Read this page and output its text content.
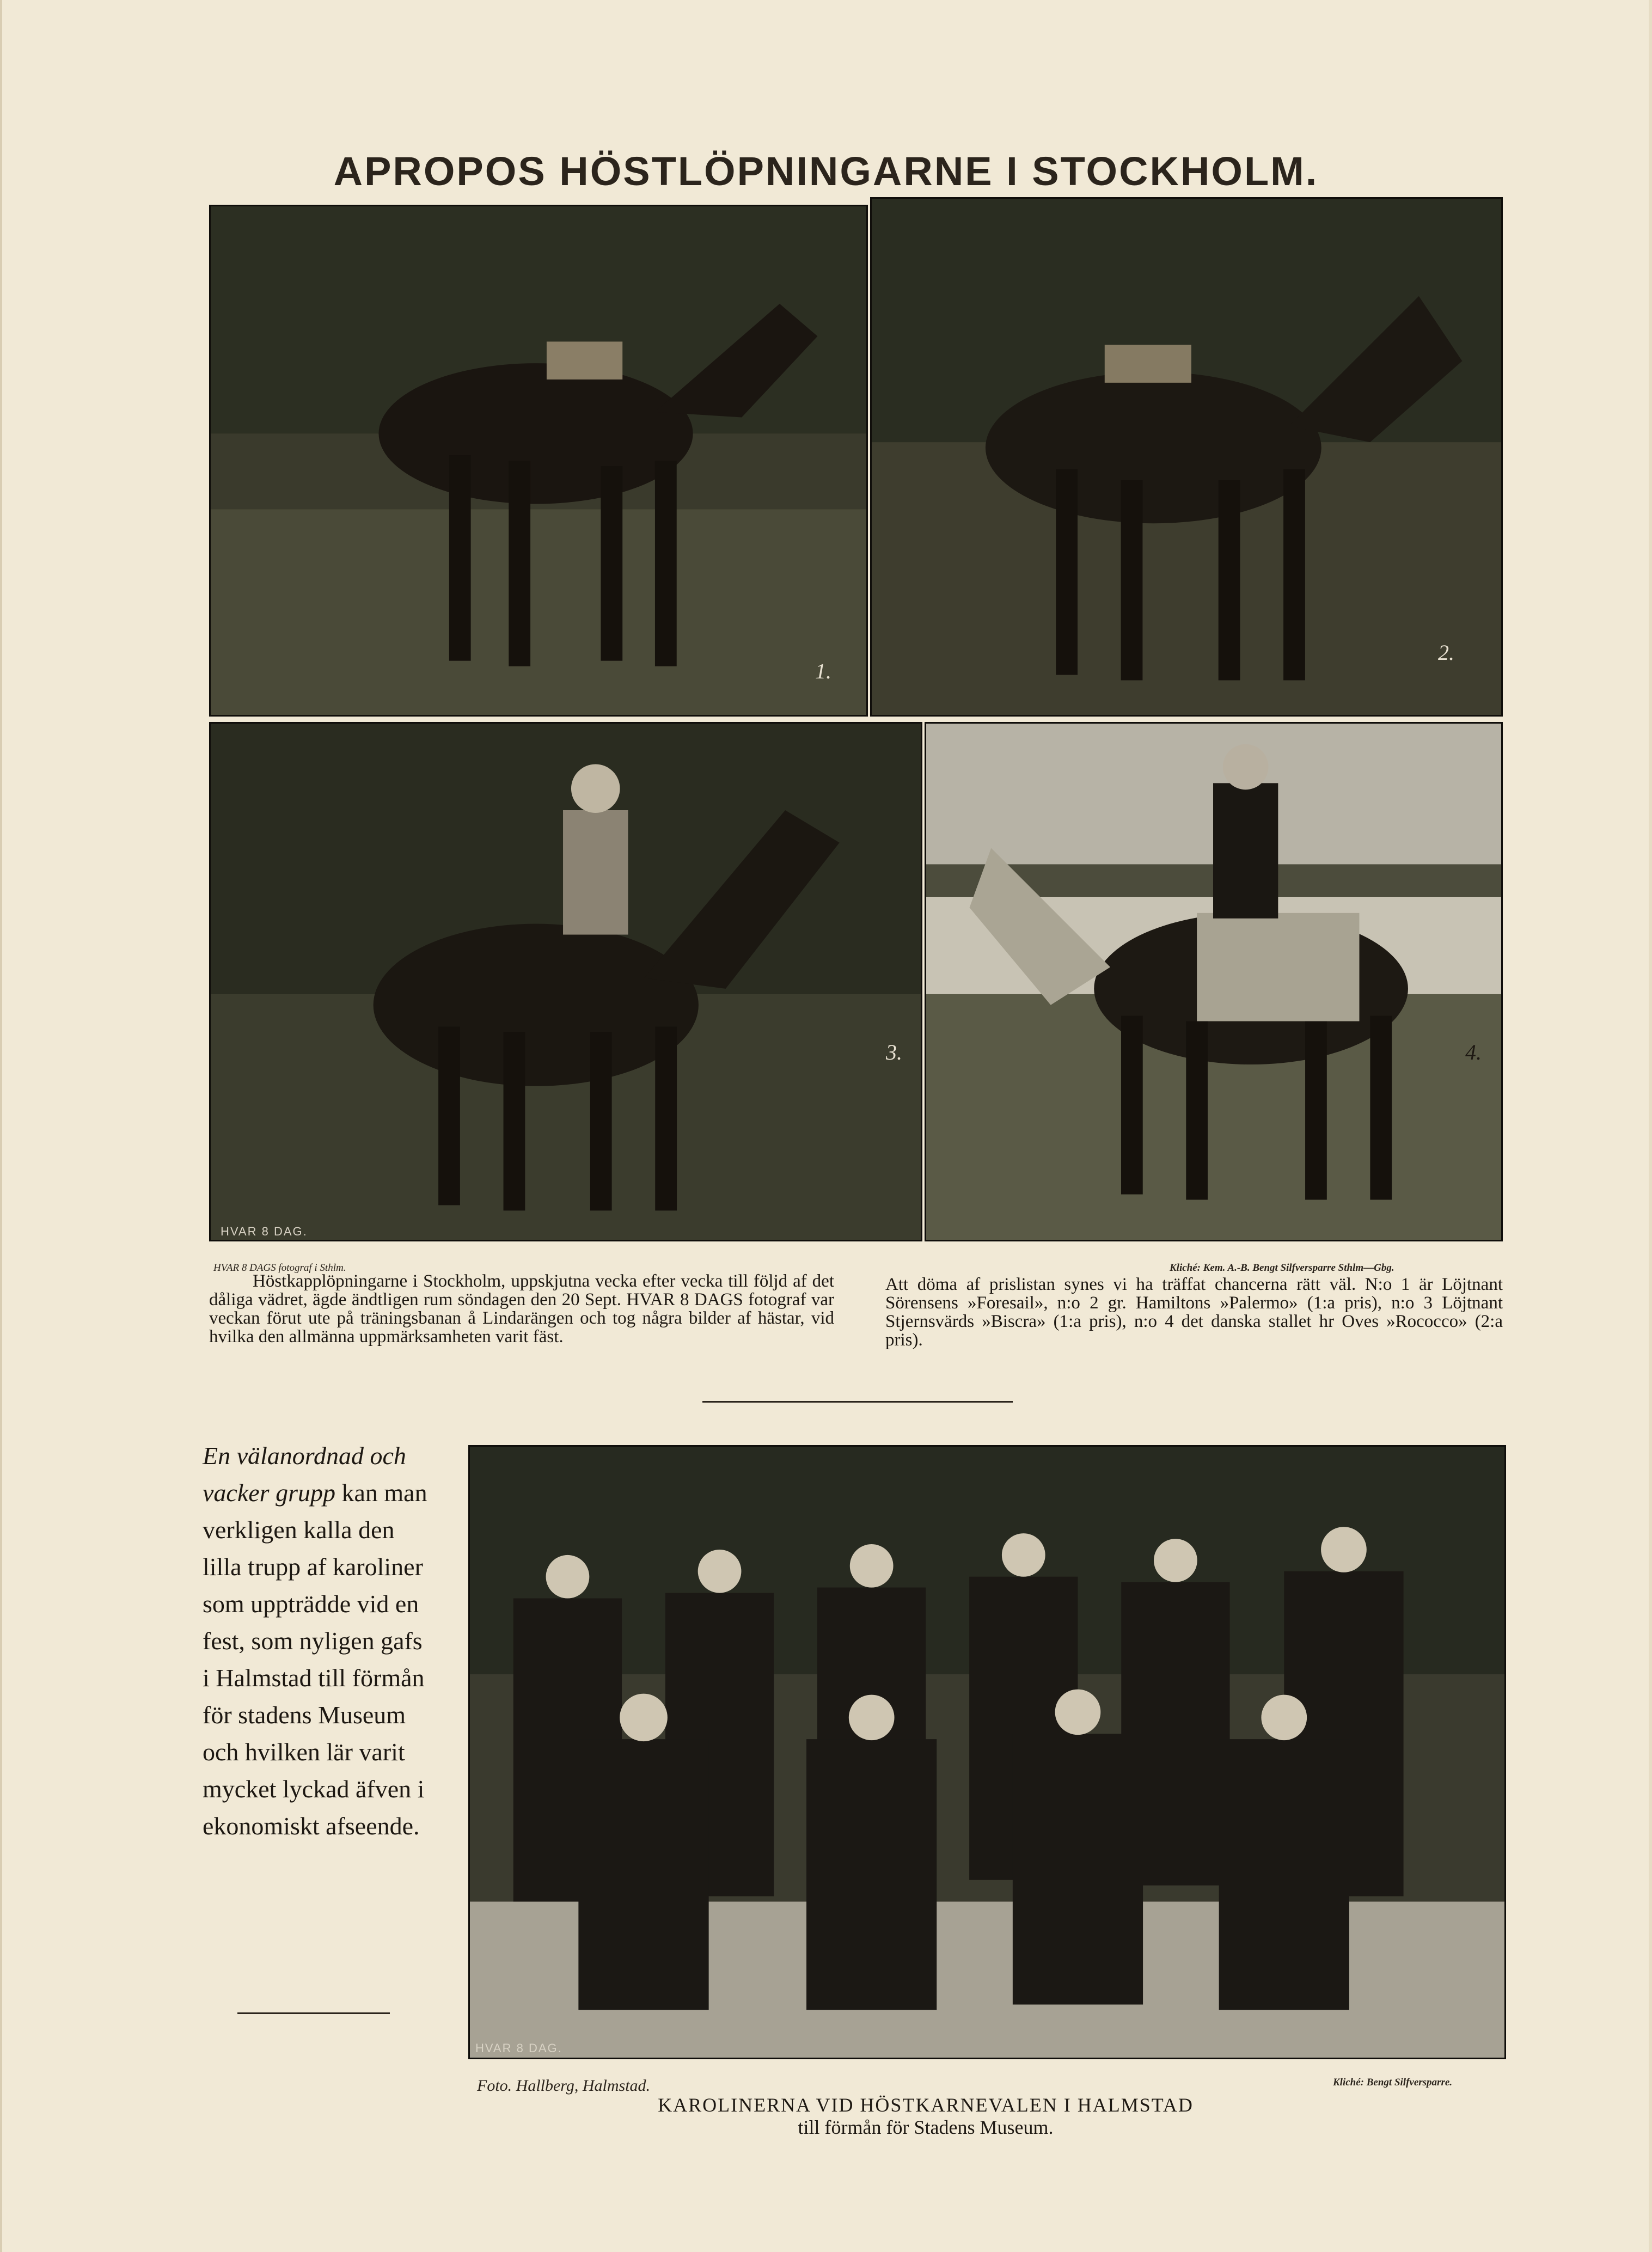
APROPOS HÖSTLÖPNINGARNE I STOCKHOLM.
1.
2.
3.
HVAR 8 DAG.
4.
HVAR 8 DAGS fotograf i Sthlm.	Kliché: Kem. A.-B. Bengt Silfversparre Sthlm—Gbg.

Höstkapplöpningarne i Stockholm, uppskjutna vecka efter vecka till följd af det dåliga vädret, ägde ändtligen rum söndagen den 20 Sept. HVAR 8 DAGS fotograf var veckan förut ute på träningsbanan å Lindarängen och tog några bilder af hästar, vid hvilka den allmänna uppmärksamheten varit fäst.

Att döma af prislistan synes vi ha träffat chancerna rätt väl. N:o 1 är Löjtnant Sörensens »Foresail», n:o 2 gr. Hamiltons »Palermo» (1:a pris), n:o 3 Löjtnant Stjernsvärds »Biscra» (1:a pris), n:o 4 det danska stallet hr Oves »Rococco» (2:a pris).

En välanordnad och vacker grupp kan man verkligen kalla den lilla trupp af karoliner som uppträdde vid en fest, som nyligen gafs i Halmstad till förmån för stadens Museum och hvilken lär varit mycket lyckad äfven i ekonomiskt afseende.
HVAR 8 DAG.
Foto. Hallberg, Halmstad.	Kliché: Bengt Silfversparre.
KAROLINERNA VID HÖSTKARNEVALEN I HALMSTAD
till förmån för Stadens Museum.
